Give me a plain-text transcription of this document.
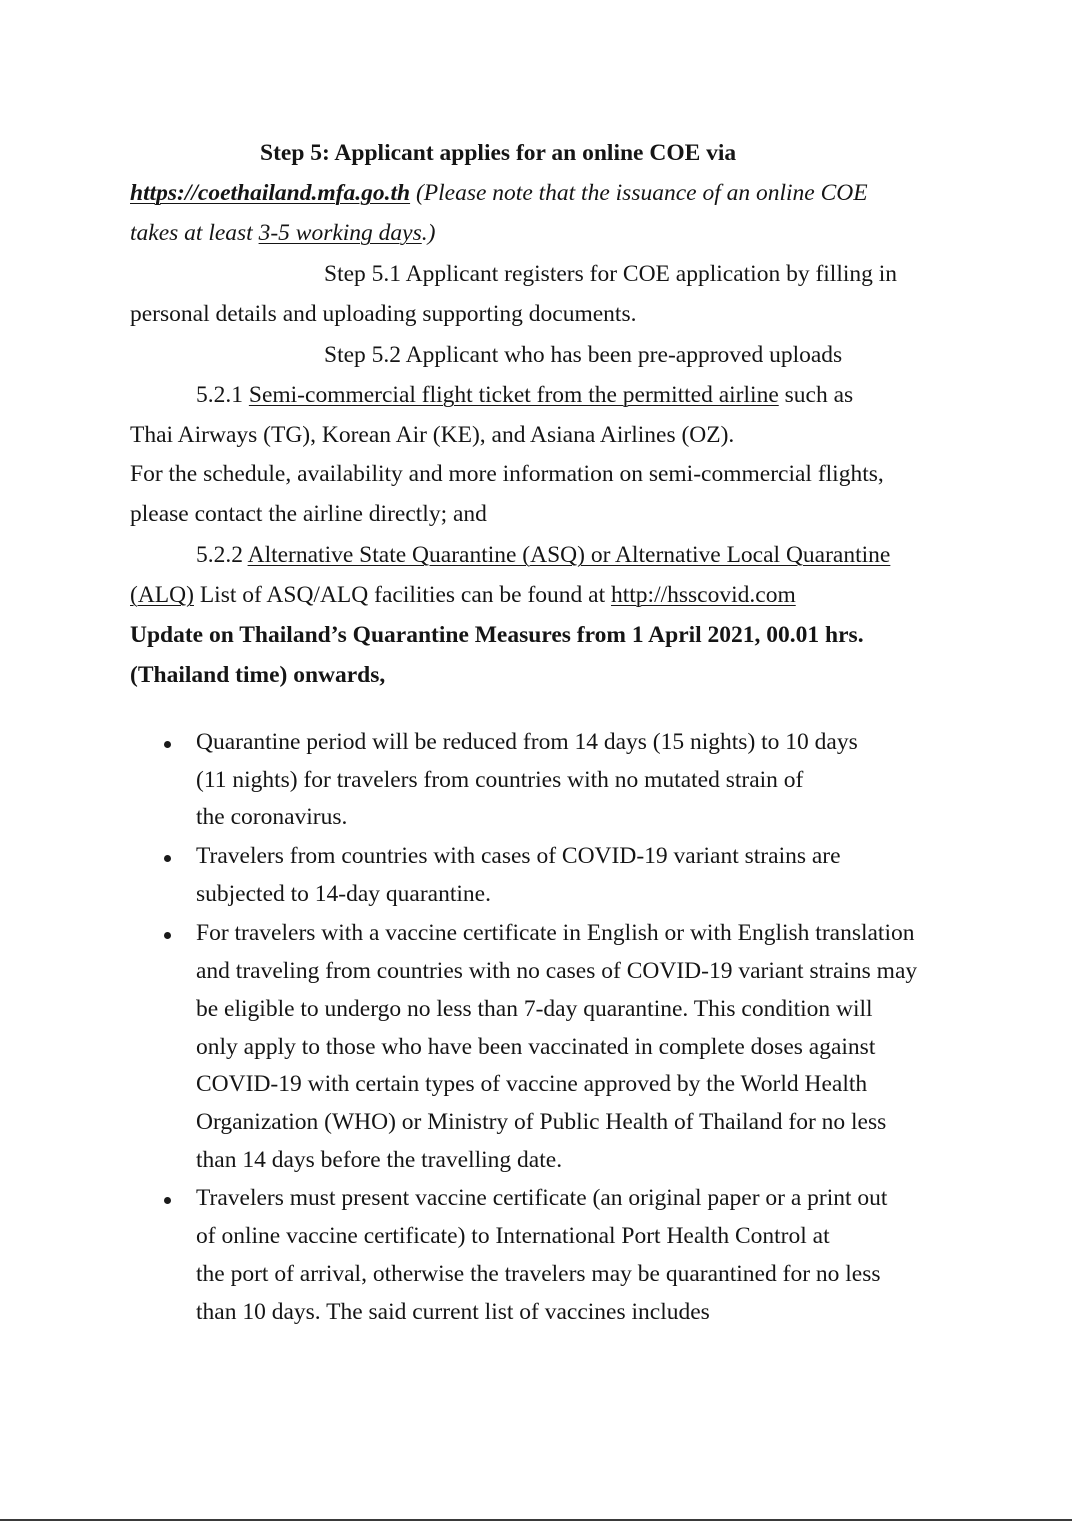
Step 5: Applicant applies for an online COE via
https://coethailand.mfa.go.th (Please note that the issuance of an online COE
takes at least 3-5 working days.)
Step 5.1 Applicant registers for COE application by filling in
personal details and uploading supporting documents.
Step 5.2 Applicant who has been pre-approved uploads
5.2.1 Semi-commercial flight ticket from the permitted airline such as
Thai Airways (TG), Korean Air (KE), and Asiana Airlines (OZ).
For the schedule, availability and more information on semi-commercial flights,
please contact the airline directly; and
5.2.2 Alternative State Quarantine (ASQ) or Alternative Local Quarantine
(ALQ) List of ASQ/ALQ facilities can be found at http://hsscovid.com
Update on Thailand’s Quarantine Measures from 1 April 2021, 00.01 hrs.
(Thailand time) onwards,
Quarantine period will be reduced from 14 days (15 nights) to 10 days
(11 nights) for travelers from countries with no mutated strain of
the coronavirus.
Travelers from countries with cases of COVID-19 variant strains are
subjected to 14-day quarantine.
For travelers with a vaccine certificate in English or with English translation
and traveling from countries with no cases of COVID-19 variant strains may
be eligible to undergo no less than 7-day quarantine. This condition will
only apply to those who have been vaccinated in complete doses against
COVID-19 with certain types of vaccine approved by the World Health
Organization (WHO) or Ministry of Public Health of Thailand for no less
than 14 days before the travelling date.
Travelers must present vaccine certificate (an original paper or a print out
of online vaccine certificate) to International Port Health Control at
the port of arrival, otherwise the travelers may be quarantined for no less
than 10 days. The said current list of vaccines includes
